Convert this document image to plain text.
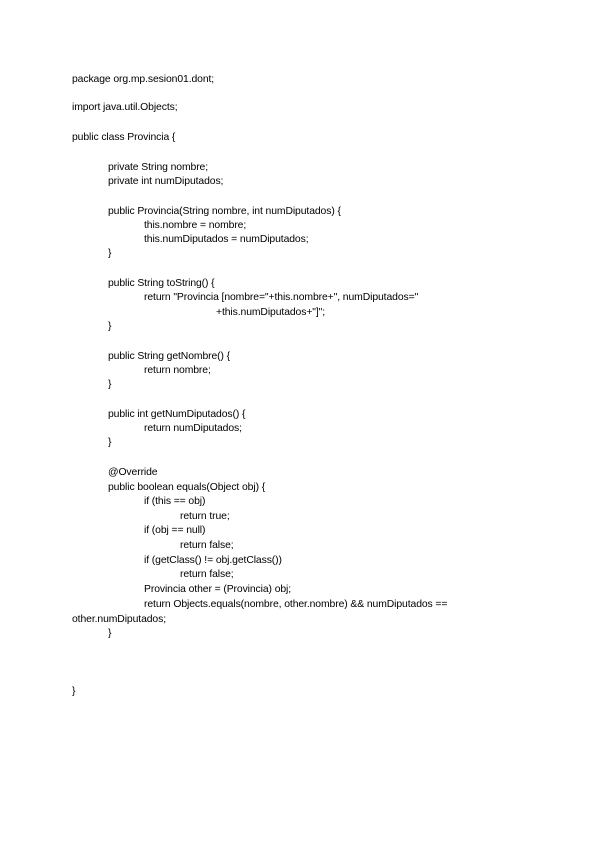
package org.mp.sesion01.dont;
import java.util.Objects;
public class Provincia {
private String nombre;
private int numDiputados;
public Provincia(String nombre, int numDiputados) {
this.nombre = nombre;
this.numDiputados = numDiputados;
}
public String toString() {
return "Provincia [nombre="+this.nombre+", numDiputados="
+this.numDiputados+"]";
}
public String getNombre() {
return nombre;
}
public int getNumDiputados() {
return numDiputados;
}
@Override
public boolean equals(Object obj) {
if (this == obj)
return true;
if (obj == null)
return false;
if (getClass() != obj.getClass())
return false;
Provincia other = (Provincia) obj;
return Objects.equals(nombre, other.nombre) && numDiputados ==
other.numDiputados;
}
}
